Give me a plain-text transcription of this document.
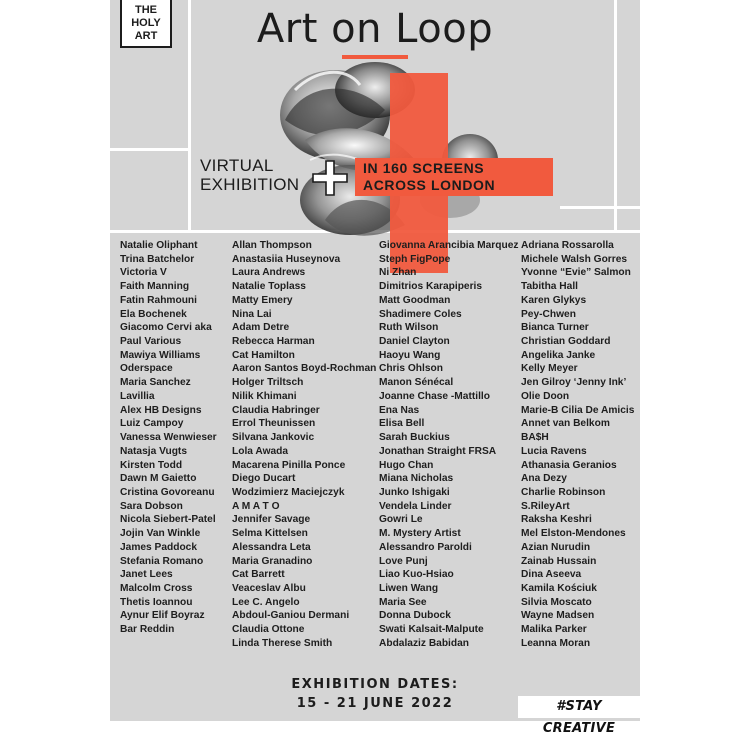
THE
HOLY
ART	Art on Loop
VIRTUAL
EXHIBITION
IN 160 SCREENS
ACROSS LONDON
Natalie Oliphant
Trina Batchelor
Victoria V
Faith Manning
Fatin Rahmouni
Ela Bochenek
Giacomo Cervi aka
Paul Various
Mawiya Williams
Oderspace
Maria Sanchez
Lavillia
Alex HB Designs
Luiz Campoy
Vanessa Wenwieser
Natasja Vugts
Kirsten Todd
Dawn M Gaietto
Cristina Govoreanu
Sara Dobson
Nicola Siebert-Patel
Jojin Van Winkle
James Paddock
Stefania Romano
Janet Lees
Malcolm Cross
Thetis Ioannou
Aynur Elif Boyraz
Bar Reddin
Allan Thompson
Anastasiia Huseynova
Laura Andrews
Natalie Toplass
Matty Emery
Nina Lai
Adam Detre
Rebecca Harman
Cat Hamilton
Aaron Santos Boyd-Rochman
Holger Triltsch
Nilik Khimani
Claudia Habringer
Errol Theunissen
Silvana Jankovic
Lola Awada
Macarena Pinilla Ponce
Diego Ducart
Wodzimierz Maciejczyk
A M A T O
Jennifer Savage
Selma Kittelsen
Alessandra Leta
Maria Granadino
Cat Barrett
Veaceslav Albu
Lee C. Angelo
Abdoul-Ganiou Dermani
Claudia Ottone
Linda Therese Smith
Giovanna Arancibia Marquez
Steph FigPope
Ni Zhan
Dimitrios Karapiperis
Matt Goodman
Shadimere Coles
Ruth Wilson
Daniel Clayton
Haoyu Wang
Chris Ohlson
Manon Sénécal
Joanne Chase -Mattillo
Ena Nas
Elisa Bell
Sarah Buckius
Jonathan Straight FRSA
Hugo Chan
Miana Nicholas
Junko Ishigaki
Vendela Linder
Gowri Le
M. Mystery Artist
Alessandro Paroldi
Love Punj
Liao Kuo-Hsiao
Liwen Wang
Maria See
Donna Dubock
Swati Kalsait-Malpute
Abdalaziz Babidan
Adriana Rossarolla
Michele Walsh Gorres
Yvonne “Evie” Salmon
Tabitha Hall
Karen Glykys
Pey-Chwen
Bianca Turner
Christian Goddard
Angelika Janke
Kelly Meyer
Jen Gilroy ‘Jenny Ink’
Olie Doon
Marie-B Cilia De Amicis
Annet van Belkom
BA$H
Lucia Ravens
Athanasia Geranios
Ana Dezy
Charlie Robinson
S.RileyArt
Raksha Keshri
Mel Elston-Mendones
Azian Nurudin
Zainab Hussain
Dina Aseeva
Kamila Kościuk
Silvia Moscato
Wayne Madsen
Malika Parker
Leanna Moran
EXHIBITION DATES:
15 - 21 JUNE 2022	#STAY CREATIVE
